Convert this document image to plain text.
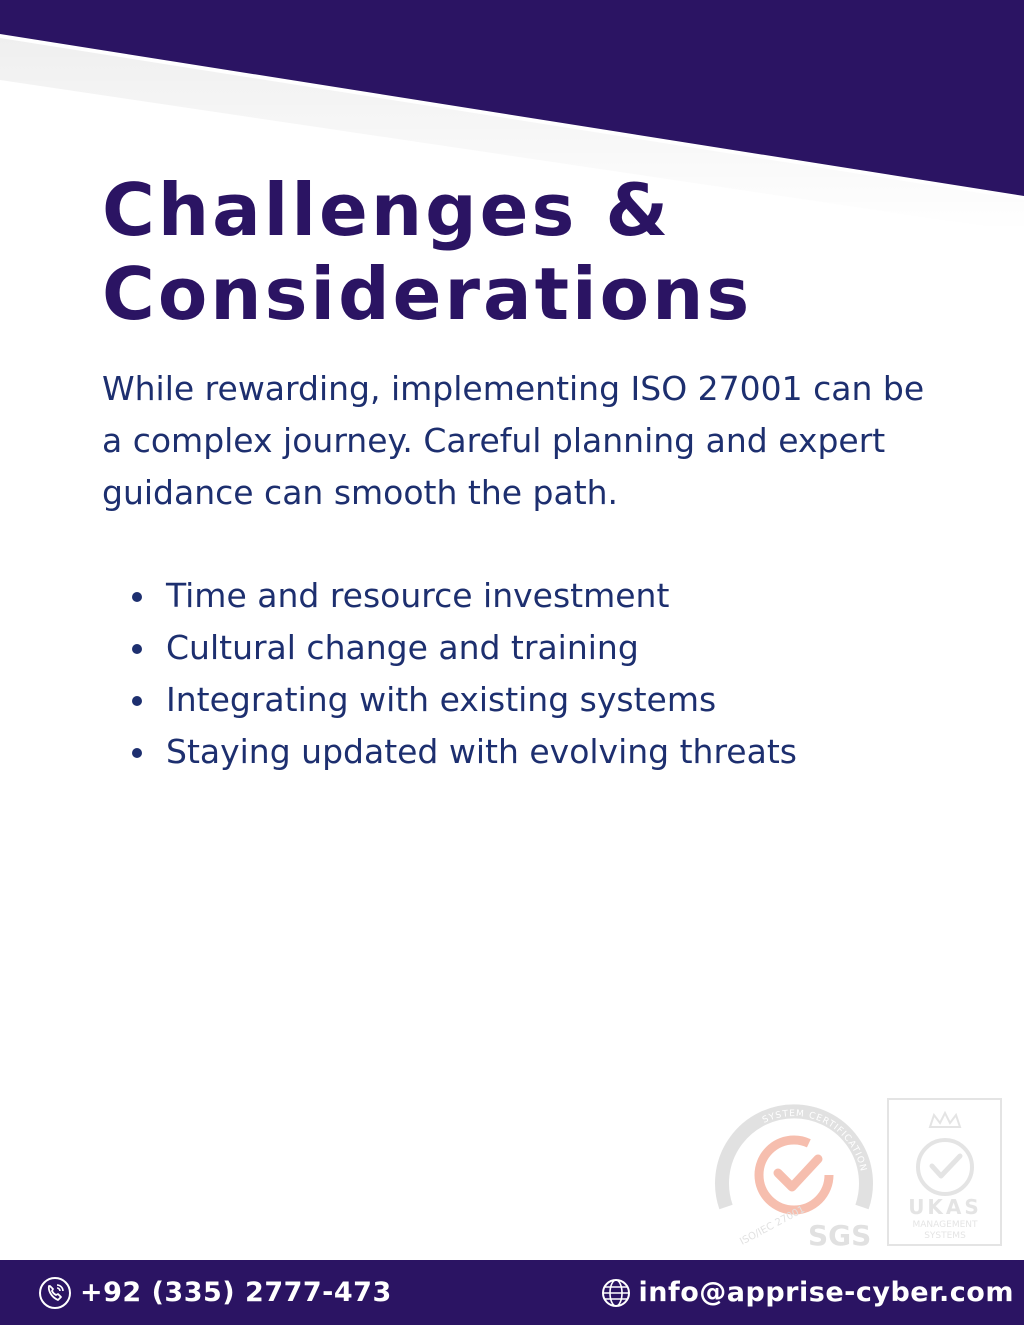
Challenges &
Considerations

While rewarding, implementing ISO 27001 can be a complex journey. Careful planning and expert guidance can smooth the path.

Time and resource investment
Cultural change and training
Integrating with existing systems
Staying updated with evolving threats
SYSTEM CERTIFICATION
ISO/IEC 27001 SGS
UKAS
MANAGEMENT
SYSTEMS
+92 (335) 2777-473	info@apprise-cyber.com
